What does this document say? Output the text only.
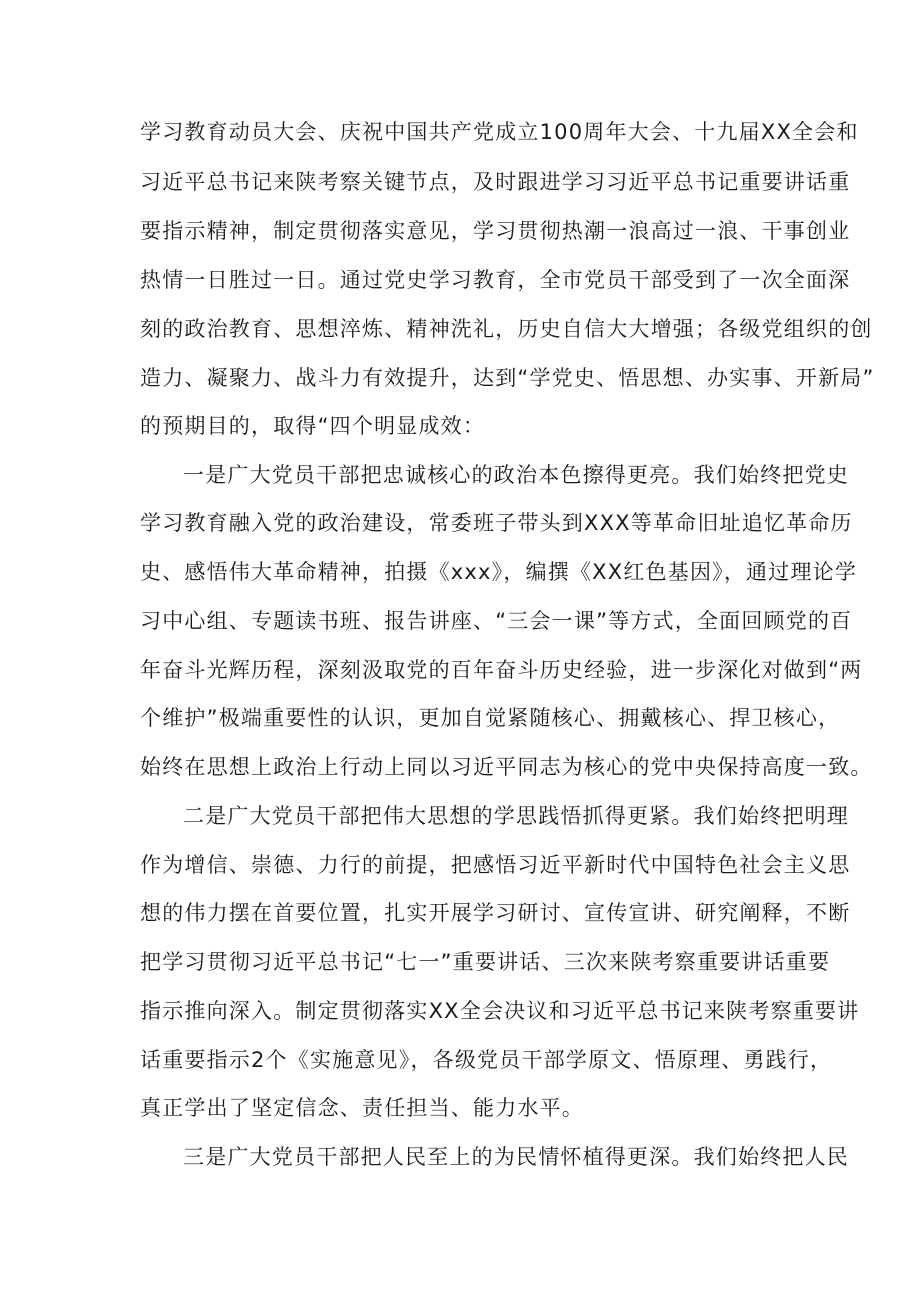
学习教育动员大会、庆祝中国共产党成立100周年大会、十九届XX全会和
习近平总书记来陕考察关键节点，及时跟进学习习近平总书记重要讲话重
要指示精神，制定贯彻落实意见，学习贯彻热潮一浪高过一浪、干事创业
热情一日胜过一日。通过党史学习教育，全市党员干部受到了一次全面深
刻的政治教育、思想淬炼、精神洗礼，历史自信大大增强；各级党组织的创
造力、凝聚力、战斗力有效提升，达到“学党史、悟思想、办实事、开新局”
的预期目的，取得“四个明显成效：
一是广大党员干部把忠诚核心的政治本色擦得更亮。我们始终把党史
学习教育融入党的政治建设，常委班子带头到XXX等革命旧址追忆革命历
史、感悟伟大革命精神，拍摄《xxx》，编撰《XX红色基因》，通过理论学
习中心组、专题读书班、报告讲座、“三会一课”等方式，全面回顾党的百
年奋斗光辉历程，深刻汲取党的百年奋斗历史经验，进一步深化对做到“两
个维护”极端重要性的认识，更加自觉紧随核心、拥戴核心、捍卫核心，
始终在思想上政治上行动上同以习近平同志为核心的党中央保持高度一致。
二是广大党员干部把伟大思想的学思践悟抓得更紧。我们始终把明理
作为增信、崇德、力行的前提，把感悟习近平新时代中国特色社会主义思
想的伟力摆在首要位置，扎实开展学习研讨、宣传宣讲、研究阐释，不断
把学习贯彻习近平总书记“七一”重要讲话、三次来陕考察重要讲话重要
指示推向深入。制定贯彻落实XX全会决议和习近平总书记来陕考察重要讲
话重要指示2个《实施意见》，各级党员干部学原文、悟原理、勇践行，
真正学出了坚定信念、责任担当、能力水平。
三是广大党员干部把人民至上的为民情怀植得更深。我们始终把人民
